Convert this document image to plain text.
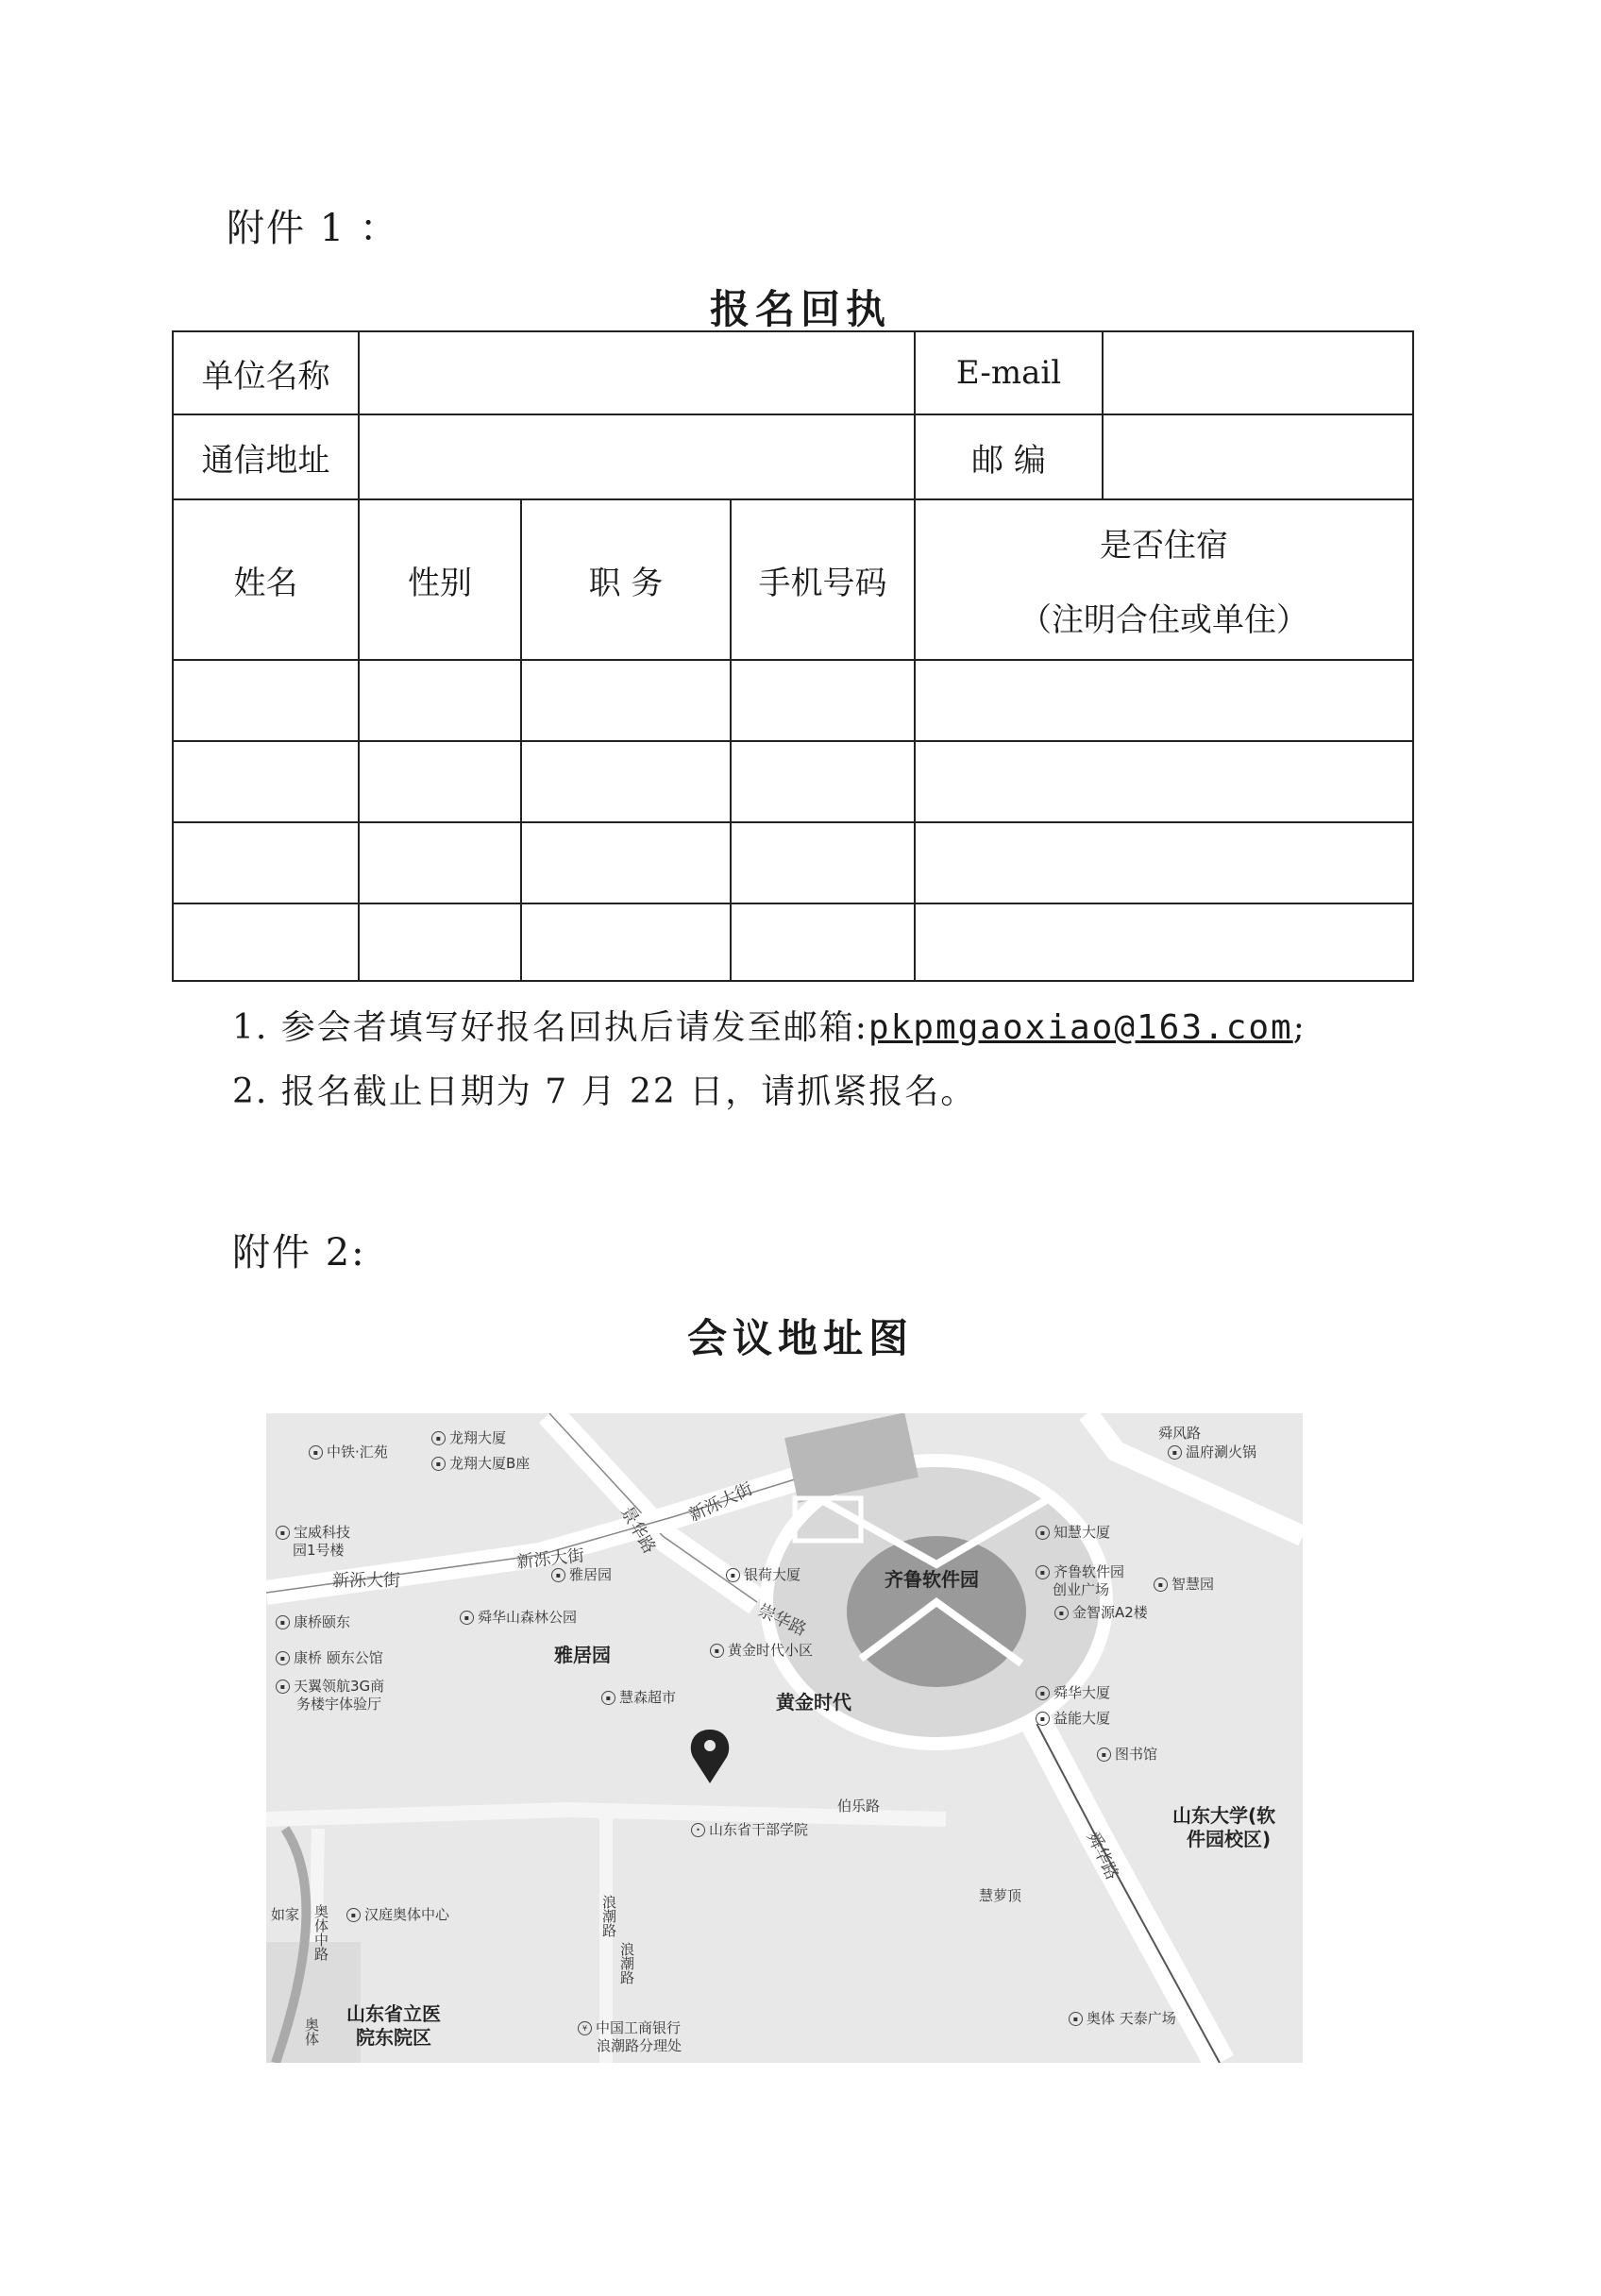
附件 1 ：
报名回执
单位名称				E-mail	
通信地址				邮 编	
姓名	性别	职 务	手机号码	是否住宿
（注明合住或单住）	

1. 参会者填写好报名回执后请发至邮箱:pkpmgaoxiao@163.com;
2. 报名截止日期为 7 月 22 日，请抓紧报名。
附件 2:
会议地址图
▪ 中铁·汇苑
▪ 龙翔大厦
▪ 龙翔大厦B座
▪ 宝威科技
园1号楼
新泺大街
新泺大街
新泺大街
景华路
▪ 康桥颐东
▪ 康桥 颐东公馆
▪ 天翼领航3G商
务楼宇体验厅
▪ 舜华山森林公园
▪ 雅居园
雅居园
▪ 银荷大厦
崇华路
▪ 黄金时代小区
▪ 慧森超市	黄金时代
齐鲁软件园
▪ 知慧大厦
▪ 齐鲁软件园
创业广场	▪ 智慧园
▪ 金智源A2楼
▪ 舜华大厦
▪ 益能大厦
▪ 图书馆
舜华路
伯乐路
• 山东省干部学院
山东大学(软
件园校区)
奥体中路
如家	▪ 汉庭奥体中心	浪潮路
浪潮路
慧萝顶
山东省立医
院东院区	¥ 中国工商银行
浪潮路分理处
▪ 奥体 天泰广场
舜风路
▪ 温府涮火锅
奥体
